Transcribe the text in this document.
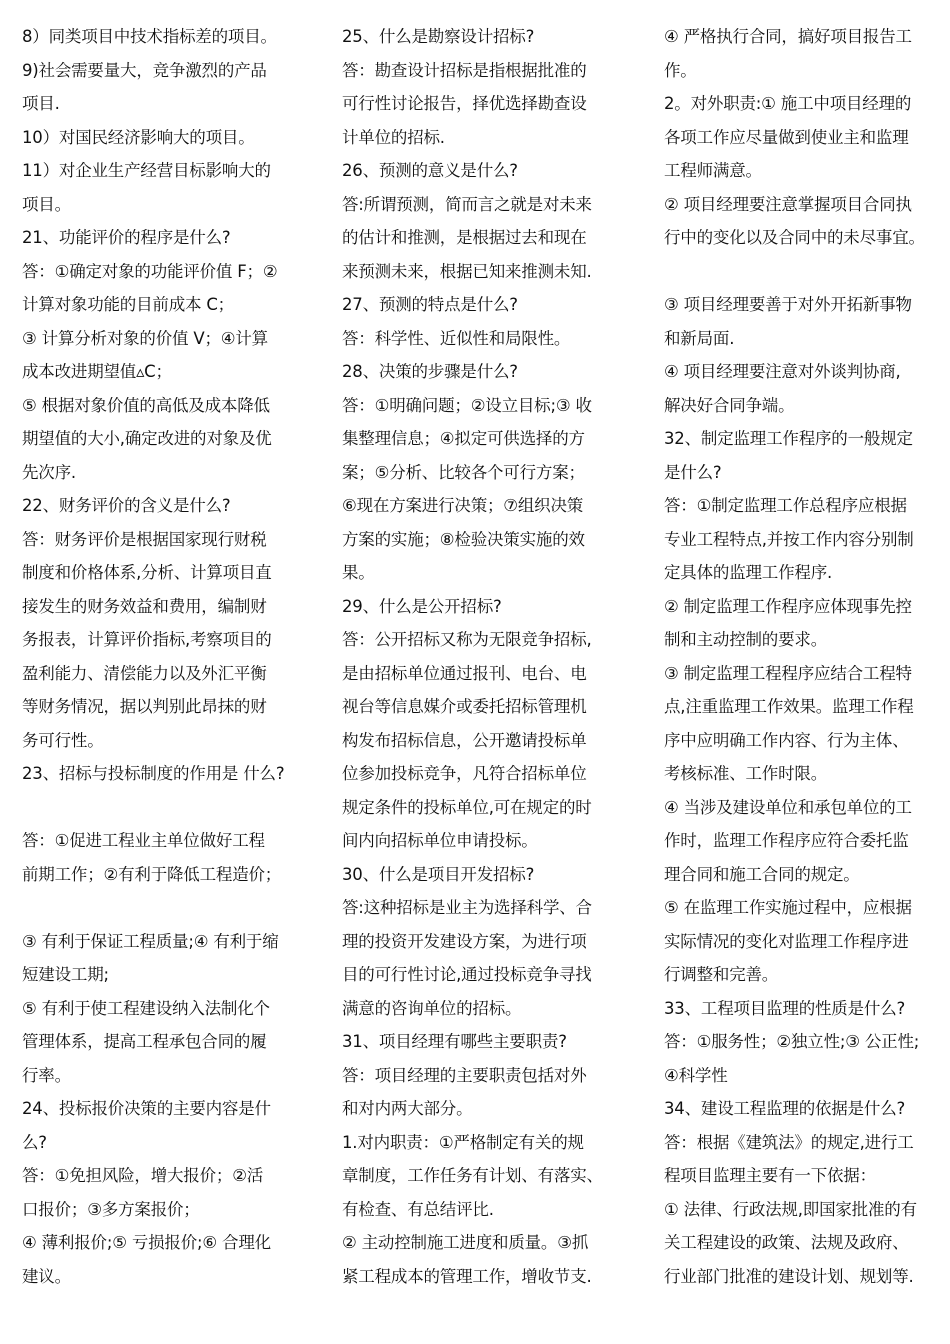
8）同类项目中技术指标差的项目。
9)社会需要量大，竞争激烈的产品
项目.
10）对国民经济影响大的项目。
11）对企业生产经营目标影响大的
项目。
21、功能评价的程序是什么?
答：①确定对象的功能评价值 F；②
计算对象功能的目前成本 C；
③ 计算分析对象的价值 V；④计算
成本改进期望值▵C；
⑤ 根据对象价值的高低及成本降低
期望值的大小,确定改进的对象及优
先次序.
22、财务评价的含义是什么?
答：财务评价是根据国家现行财税
制度和价格体系,分析、计算项目直
接发生的财务效益和费用，编制财
务报表，计算评价指标,考察项目的
盈利能力、清偿能力以及外汇平衡
等财务情况，据以判别此昂抹的财
务可行性。
23、招标与投标制度的作用是 什么?
答：①促进工程业主单位做好工程
前期工作；②有利于降低工程造价；
③ 有利于保证工程质量;④ 有利于缩
短建设工期;
⑤ 有利于使工程建设纳入法制化个
管理体系，提高工程承包合同的履
行率。
24、投标报价决策的主要内容是什
么?
答：①免担风险，增大报价；②活
口报价；③多方案报价；
④ 薄利报价;⑤ 亏损报价;⑥ 合理化
建议。
25、什么是勘察设计招标?
答：勘查设计招标是指根据批准的
可行性讨论报告，择优选择勘查设
计单位的招标.
26、预测的意义是什么?
答:所谓预测，简而言之就是对未来
的估计和推测，是根据过去和现在
来预测未来，根据已知来推测未知.
27、预测的特点是什么?
答：科学性、近似性和局限性。
28、决策的步骤是什么?
答：①明确问题；②设立目标;③ 收
集整理信息；④拟定可供选择的方
案；⑤分析、比较各个可行方案；
⑥现在方案进行决策；⑦组织决策
方案的实施；⑧检验决策实施的效
果。
29、什么是公开招标?
答：公开招标又称为无限竞争招标,
是由招标单位通过报刊、电台、电
视台等信息媒介或委托招标管理机
构发布招标信息，公开邀请投标单
位参加投标竞争，凡符合招标单位
规定条件的投标单位,可在规定的时
间内向招标单位申请投标。
30、什么是项目开发招标?
答:这种招标是业主为选择科学、合
理的投资开发建设方案，为进行项
目的可行性讨论,通过投标竞争寻找
满意的咨询单位的招标。
31、项目经理有哪些主要职责?
答：项目经理的主要职责包括对外
和对内两大部分。
1.对内职责：①严格制定有关的规
章制度，工作任务有计划、有落实、
有检查、有总结评比.
② 主动控制施工进度和质量。③抓
紧工程成本的管理工作，增收节支.
④ 严格执行合同，搞好项目报告工
作。
2。对外职责:① 施工中项目经理的
各项工作应尽量做到使业主和监理
工程师满意。
② 项目经理要注意掌握项目合同执
行中的变化以及合同中的未尽事宜。
③ 项目经理要善于对外开拓新事物
和新局面.
④ 项目经理要注意对外谈判协商,
解决好合同争端。
32、制定监理工作程序的一般规定
是什么?
答：①制定监理工作总程序应根据
专业工程特点,并按工作内容分别制
定具体的监理工作程序.
② 制定监理工作程序应体现事先控
制和主动控制的要求。
③ 制定监理工程程序应结合工程特
点,注重监理工作效果。监理工作程
序中应明确工作内容、行为主体、
考核标准、工作时限。
④ 当涉及建设单位和承包单位的工
作时，监理工作程序应符合委托监
理合同和施工合同的规定。
⑤ 在监理工作实施过程中，应根据
实际情况的变化对监理工作程序进
行调整和完善。
33、工程项目监理的性质是什么?
答：①服务性；②独立性;③ 公正性;
④科学性
34、建设工程监理的依据是什么?
答：根据《建筑法》的规定,进行工
程项目监理主要有一下依据：
① 法律、行政法规,即国家批准的有
关工程建设的政策、法规及政府、
行业部门批准的建设计划、规划等.
